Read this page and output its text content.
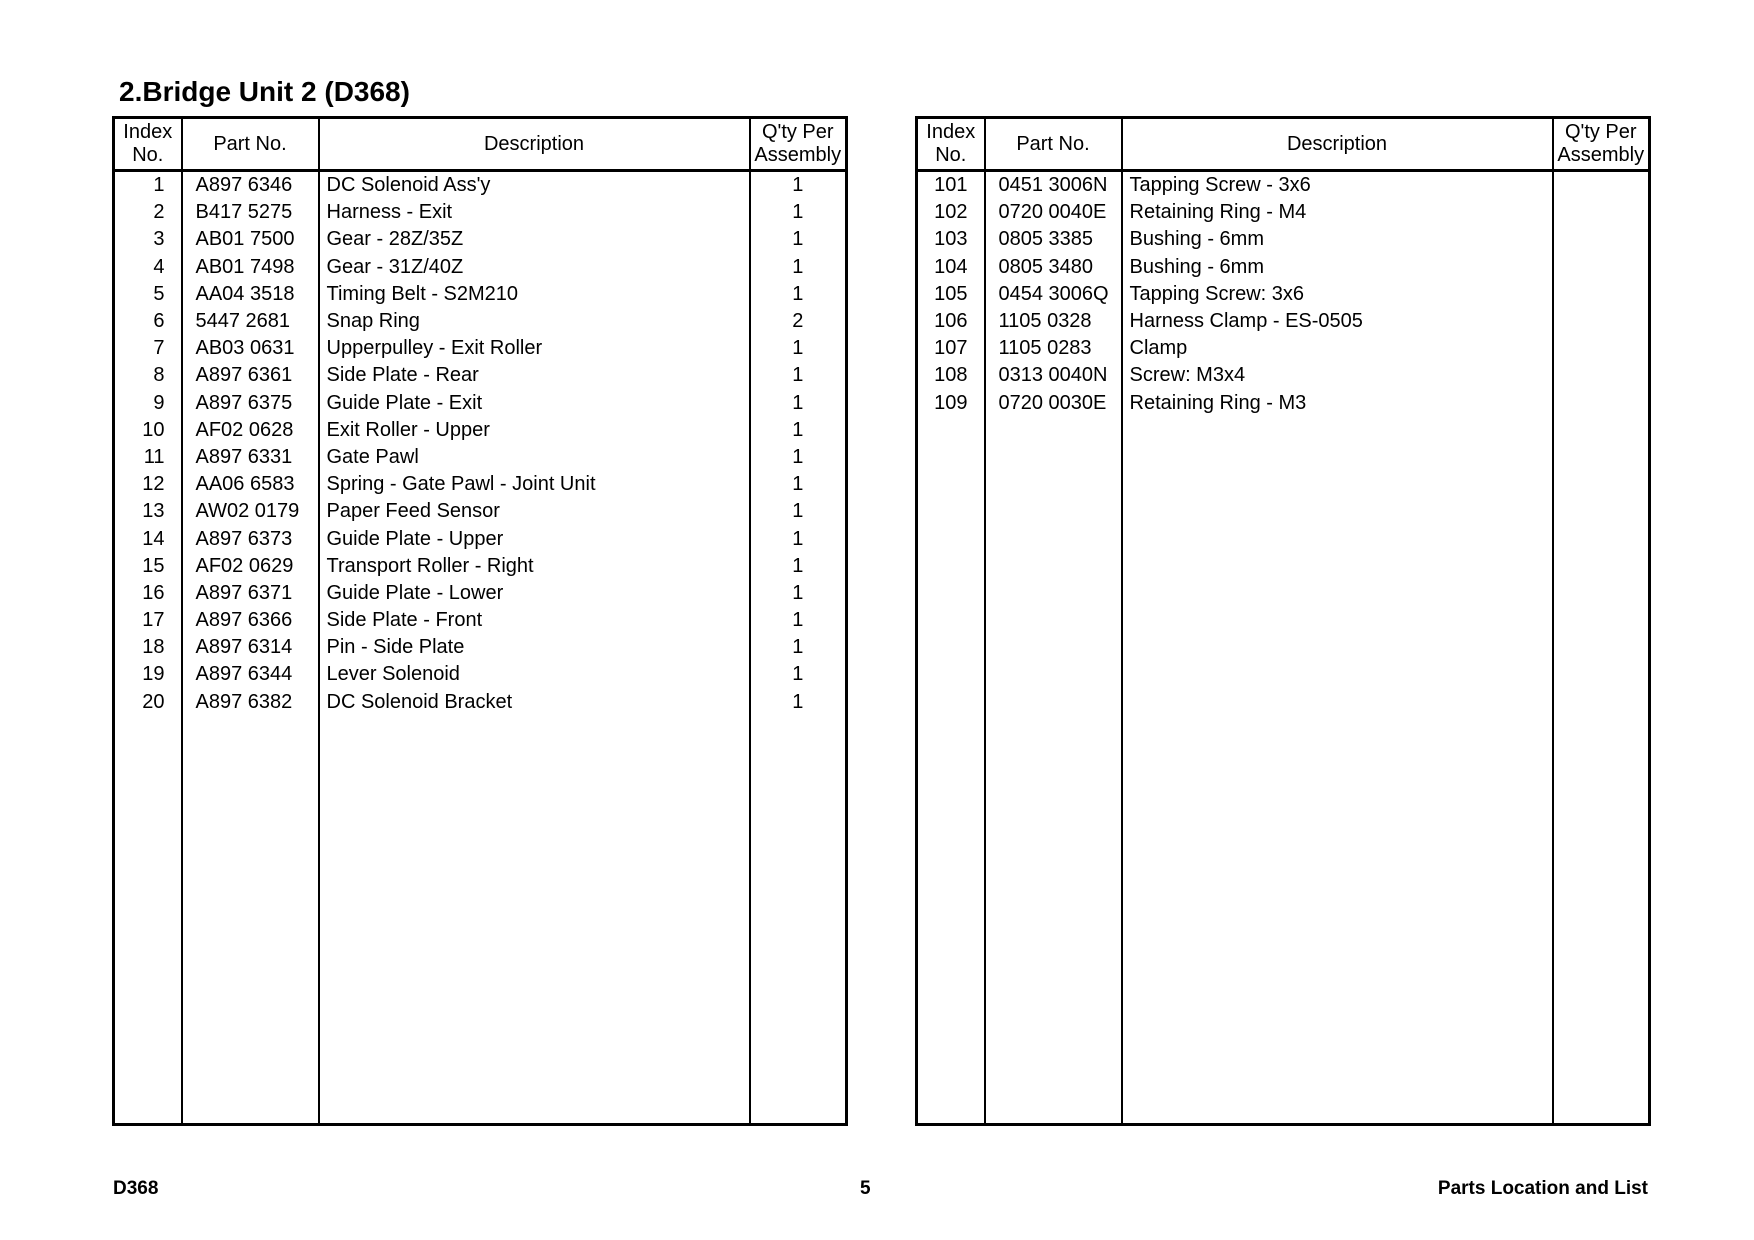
2.Bridge Unit 2 (D368)
Index
No.	Part No.	Description	Q'ty Per
Assembly
1	A897 6346	DC Solenoid Ass'y	1
2	B417 5275	Harness - Exit	1
3	AB01 7500	Gear - 28Z/35Z	1
4	AB01 7498	Gear - 31Z/40Z	1
5	AA04 3518	Timing Belt - S2M210	1
6	5447 2681	Snap Ring	2
7	AB03 0631	Upperpulley - Exit Roller	1
8	A897 6361	Side Plate - Rear	1
9	A897 6375	Guide Plate - Exit	1
10	AF02 0628	Exit Roller - Upper	1
11	A897 6331	Gate Pawl	1
12	AA06 6583	Spring - Gate Pawl - Joint Unit	1
13	AW02 0179	Paper Feed Sensor	1
14	A897 6373	Guide Plate - Upper	1
15	AF02 0629	Transport Roller - Right	1
16	A897 6371	Guide Plate - Lower	1
17	A897 6366	Side Plate - Front	1
18	A897 6314	Pin - Side Plate	1
19	A897 6344	Lever Solenoid	1
20	A897 6382	DC Solenoid Bracket	1

Index
No.	Part No.	Description	Q'ty Per
Assembly
101	0451 3006N	Tapping Screw - 3x6	
102	0720 0040E	Retaining Ring - M4	
103	0805 3385	Bushing - 6mm	
104	0805 3480	Bushing - 6mm	
105	0454 3006Q	Tapping Screw: 3x6	
106	1105 0328	Harness Clamp - ES-0505	
107	1105 0283	Clamp	
108	0313 0040N	Screw: M3x4	
109	0720 0030E	Retaining Ring - M3	

D368	5	Parts Location and List
